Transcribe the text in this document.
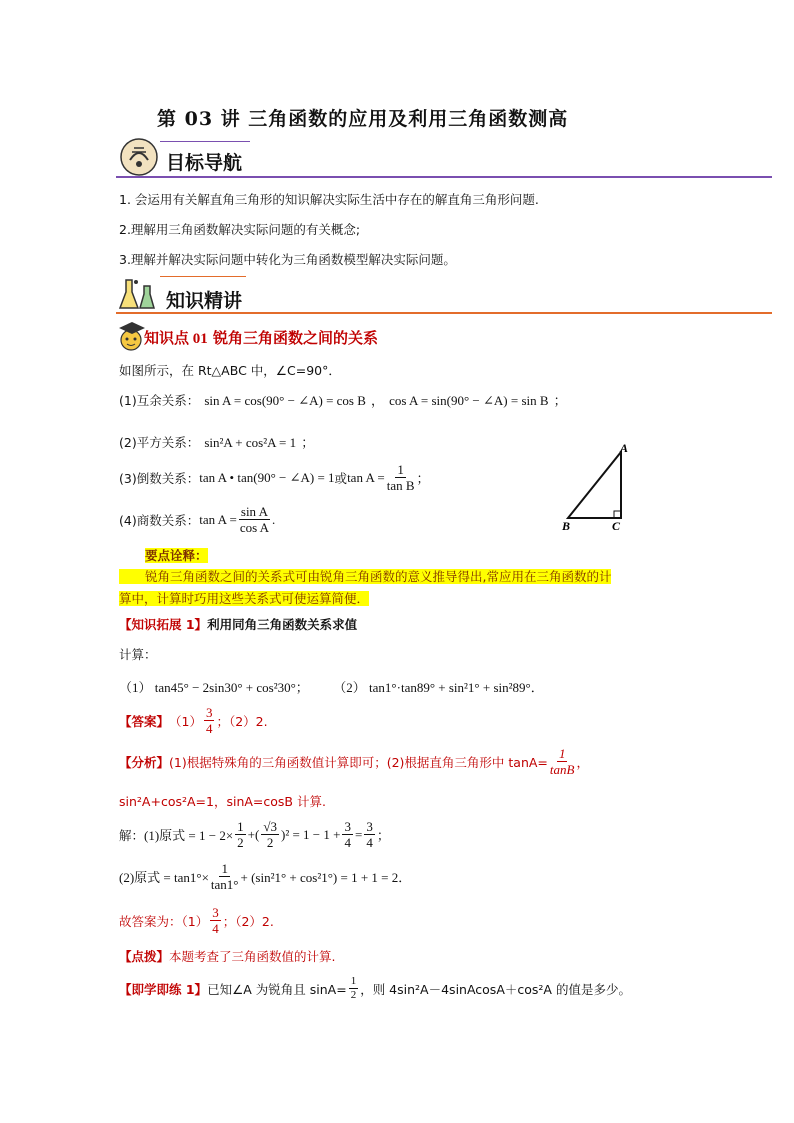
第 03 讲 三角函数的应用及利用三角函数测高
目标导航
1. 会运用有关解直角三角形的知识解决实际生活中存在的解直角三角形问题.
2.理解用三角函数解决实际问题的有关概念;
3.理解并解决实际问题中转化为三角函数模型解决实际问题。
知识精讲
知识点 01 锐角三角函数之间的关系
如图所示，在 Rt△ABC 中，∠C=90°．
(1)互余关系： sin A = cos(90° − ∠A) = cos B ， cos A = sin(90° − ∠A) = sin B ；
(2)平方关系： sin²A + cos²A = 1 ；
(3)倒数关系： tan A • tan(90° − ∠A) = 1 或 $\tan A = \frac{1}{\text{tan B}}$ ；
(4)商数关系： $\tan A = \frac{\text{sin A}}{\text{cos A}}$ .
A
B	C
要点诠释：
锐角三角函数之间的关系式可由锐角三角函数的意义推导得出,常应用在三角函数的计
算中，计算时巧用这些关系式可使运算简便．
【知识拓展 1】利用同角三角函数关系求值
计算：
（1） tan45° − 2sin30° + cos²30°； （2） tan1°·tan89° + sin²1° + sin²89°．
【答案】 $(1) \frac{3}{4}$ ；（2）2.
【分析】 (1)根据特殊角的三角函数值计算即可；(2)根据直角三角形中 $\tan A= \frac{1}{\tan B}$ ，
sin²A+cos²A=1，sinA=cosB 计算.
解： (1)原式 = $1 - 2\times \frac{1}{2}$ +( $\frac{√3}{2} )^2 = 1 - 1 + \frac{3}{4} = \frac{3}{4}$ ；
(2)原式 = $\tan 1^\circ\times \frac{1}{\tan 1^\circ} + (\sin^21^\circ + \cos^21^\circ) = 1 + 1 = 2$．
故答案为：$(1) \frac{3}{4}$ ；（2）2.
【点拨】本题考查了三角函数值的计算.
【即学即练 1】 已知∠A 为锐角且 $\sin A= \frac{1}{2}$ ，则 4sin²A－4sinAcosA＋cos²A 的值是多少。
